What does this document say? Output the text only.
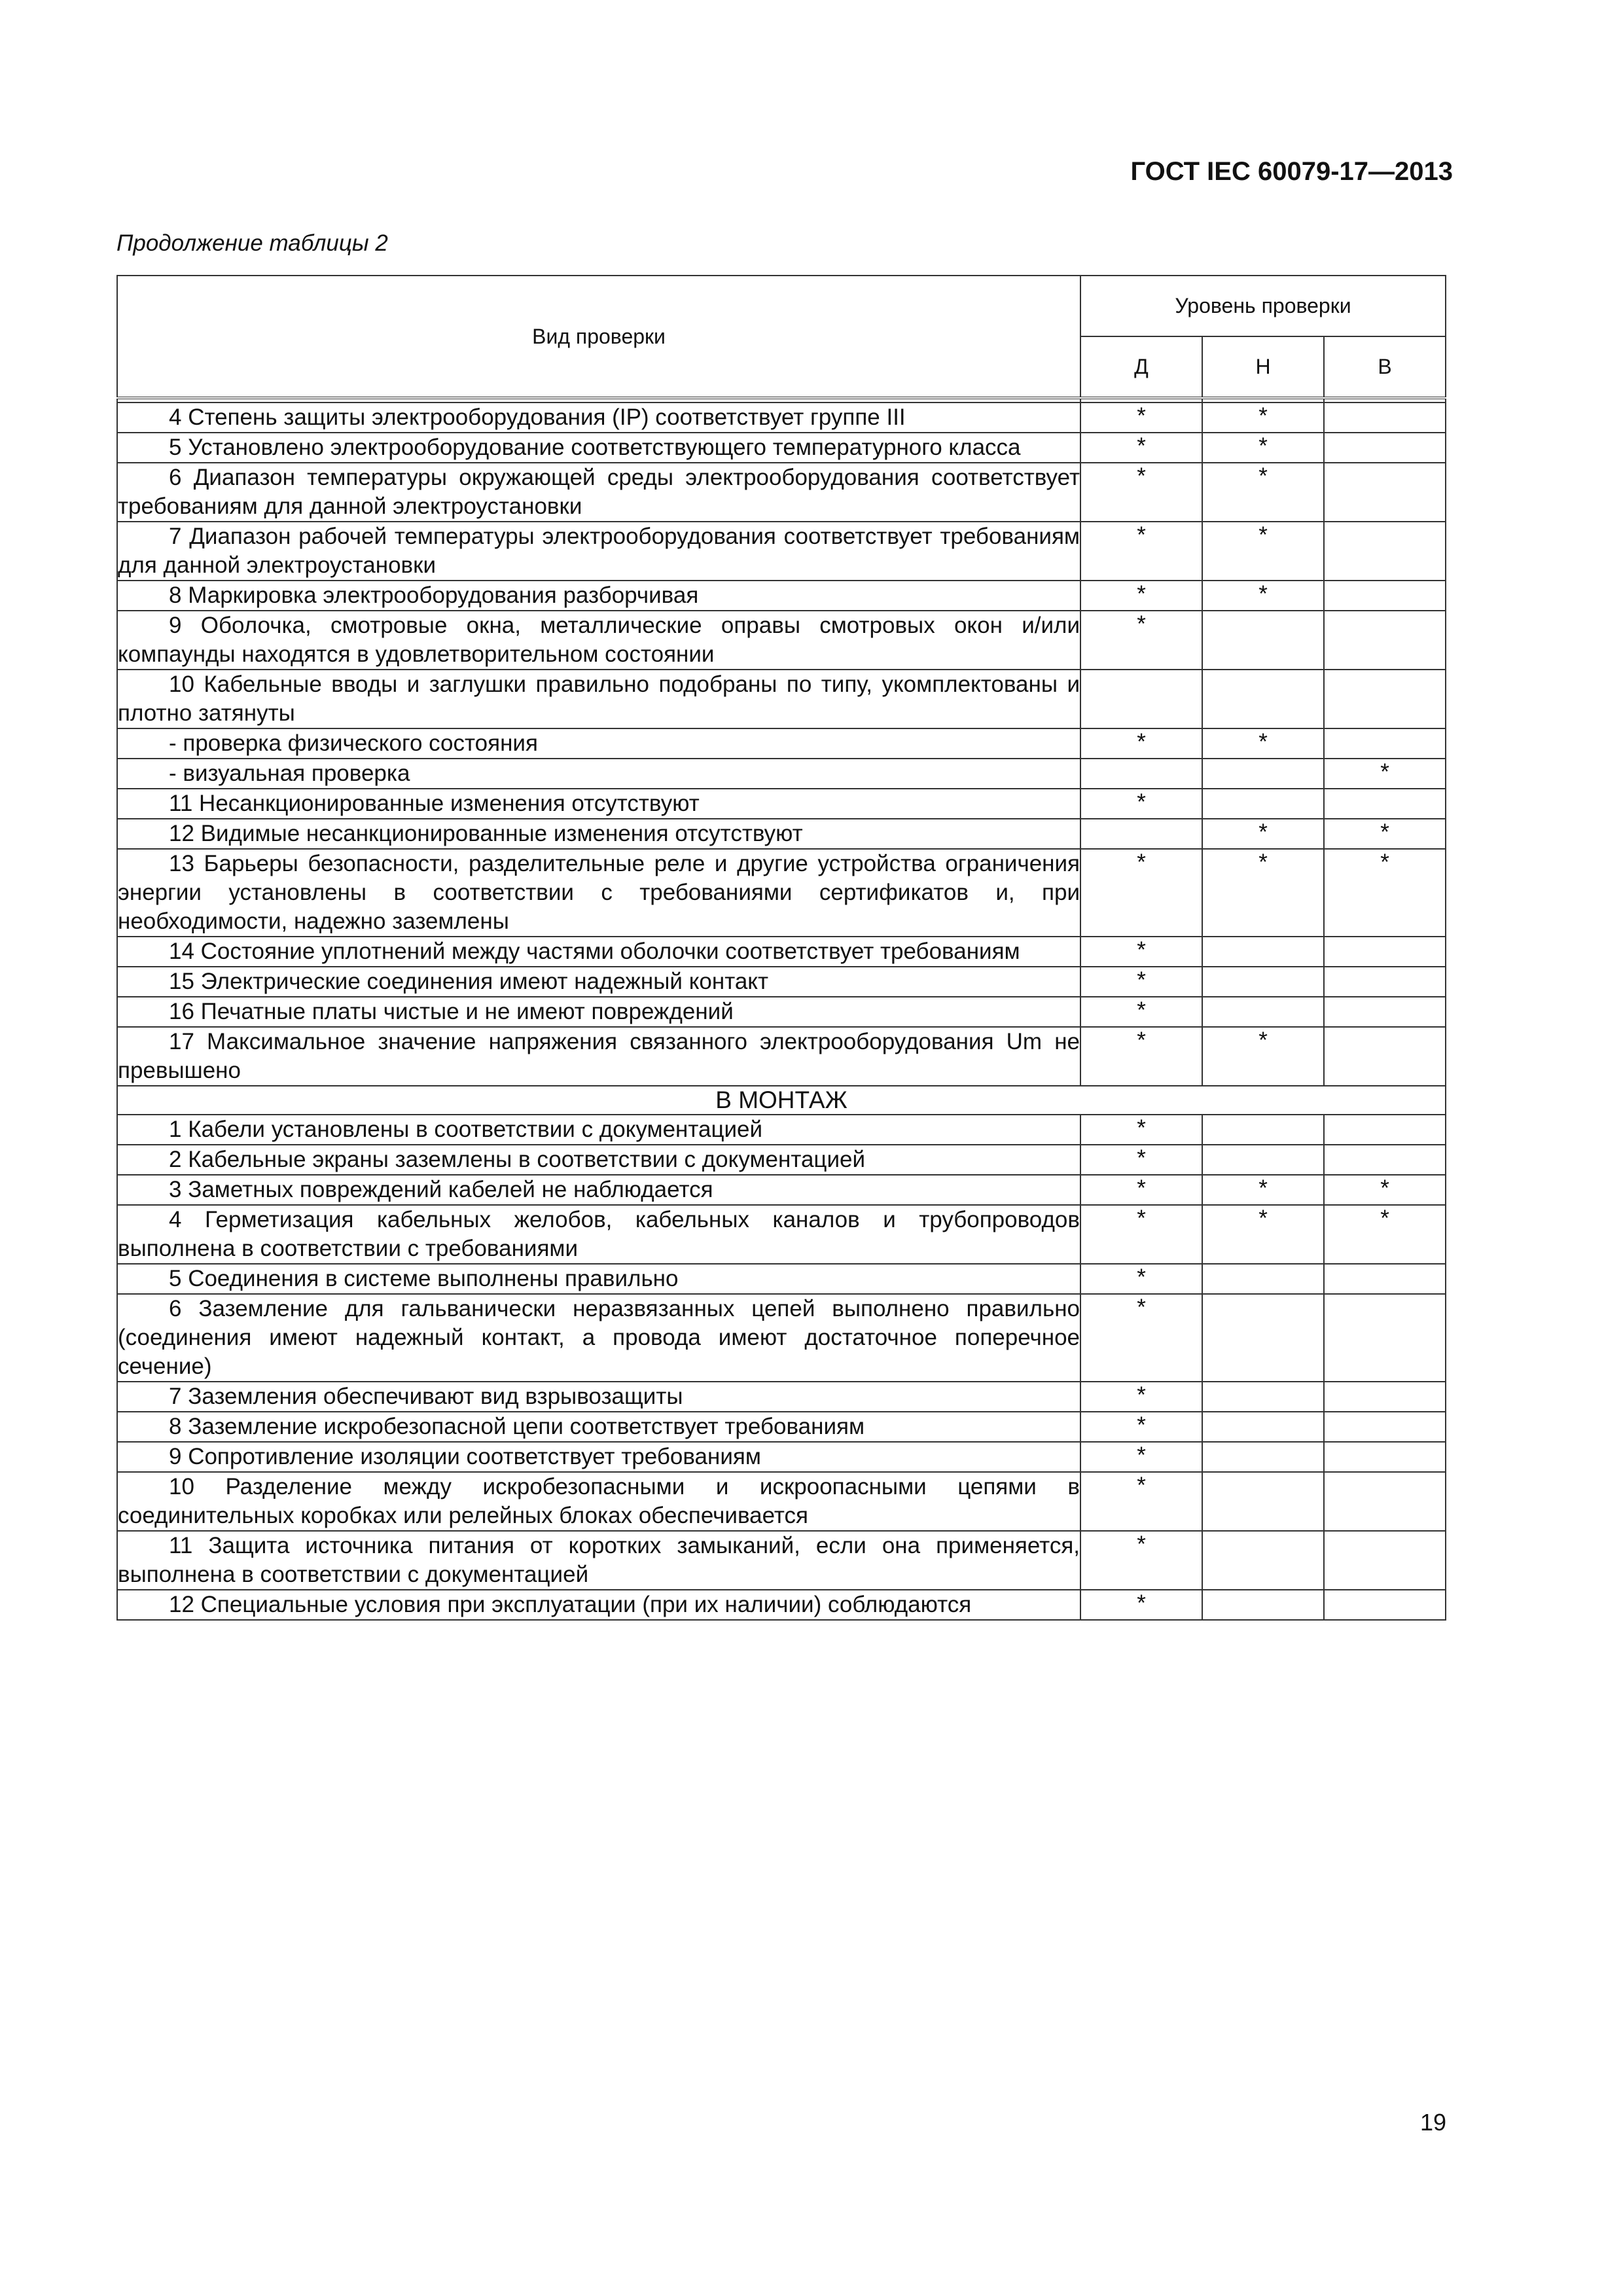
ГОСТ IEC 60079-17—2013
Продолжение таблицы 2
Вид проверки	Уровень проверки		
	Д	Н	В

4 Степень защиты электрооборудования (IP) соответствует группе III	*	*	

5 Установлено электрооборудование соответствующего температурного класса	*	*	

6 Диапазон температуры окружающей среды электрооборудования соответствует требованиям для данной электроустановки	*	*	

7 Диапазон рабочей температуры электрооборудования соответствует требованиям для данной электроустановки	*	*	

8 Маркировка электрооборудования разборчивая	*	*	

9 Оболочка, смотровые окна, металлические оправы смотровых окон и/или компаунды находятся в удовлетворительном состоянии	*		

10 Кабельные вводы и заглушки правильно подобраны по типу, укомплектованы и плотно затянуты			

- проверка физического состояния	*	*	

- визуальная проверка			*

11 Несанкционированные изменения отсутствуют	*		

12 Видимые несанкционированные изменения отсутствуют		*	*

13 Барьеры безопасности, разделительные реле и другие устройства ограничения энергии установлены в соответствии с требованиями сертификатов и, при необходимости, надежно заземлены	*	*	*

14 Состояние уплотнений между частями оболочки соответствует требованиям	*		

15 Электрические соединения имеют надежный контакт	*		

16 Печатные платы чистые и не имеют повреждений	*		

17 Максимальное значение напряжения связанного электрооборудования Um не превышено	*	*	
В МОНТАЖ			

1 Кабели установлены в соответствии с документацией	*		

2 Кабельные экраны заземлены в соответствии с документацией	*		

3 Заметных повреждений кабелей не наблюдается	*	*	*

4 Герметизация кабельных желобов, кабельных каналов и трубопроводов выполнена в соответствии с требованиями	*	*	*

5 Соединения в системе выполнены правильно	*		

6 Заземление для гальванически неразвязанных цепей выполнено правильно (соединения имеют надежный контакт, а провода имеют достаточное поперечное сечение)	*		

7 Заземления обеспечивают вид взрывозащиты	*		

8 Заземление искробезопасной цепи соответствует требованиям	*		

9 Сопротивление изоляции соответствует требованиям	*		

10 Разделение между искробезопасными и искроопасными цепями в соединительных коробках или релейных блоках обеспечивается	*		

11 Защита источника питания от коротких замыканий, если она применяется, выполнена в соответствии с документацией	*		

12 Специальные условия при эксплуатации (при их наличии) соблюдаются	*		
19
